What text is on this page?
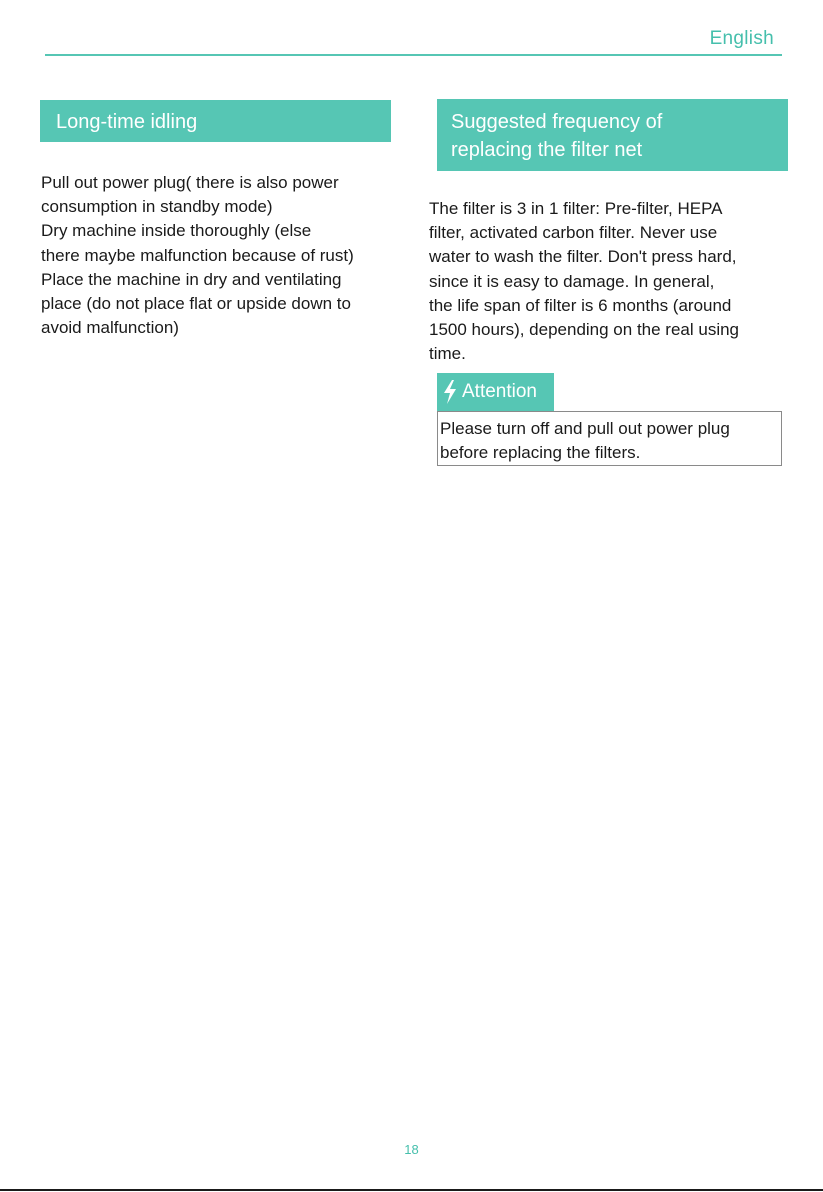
English
Long-time idling
Pull out power plug( there is also power
consumption in standby mode)
Dry machine inside thoroughly (else
there maybe malfunction because of rust)
Place the machine in dry and ventilating
place (do not place flat or upside down to
avoid malfunction)
Suggested frequency of
replacing the filter net
The filter is 3 in 1 filter: Pre-filter, HEPA
filter, activated carbon filter. Never use
water to wash the filter. Don't press hard,
since it is easy to damage. In general,
the life span of filter is 6 months (around
1500 hours), depending on the real using
time.
Attention
Please turn off and pull out power plug
before replacing the filters.
18
